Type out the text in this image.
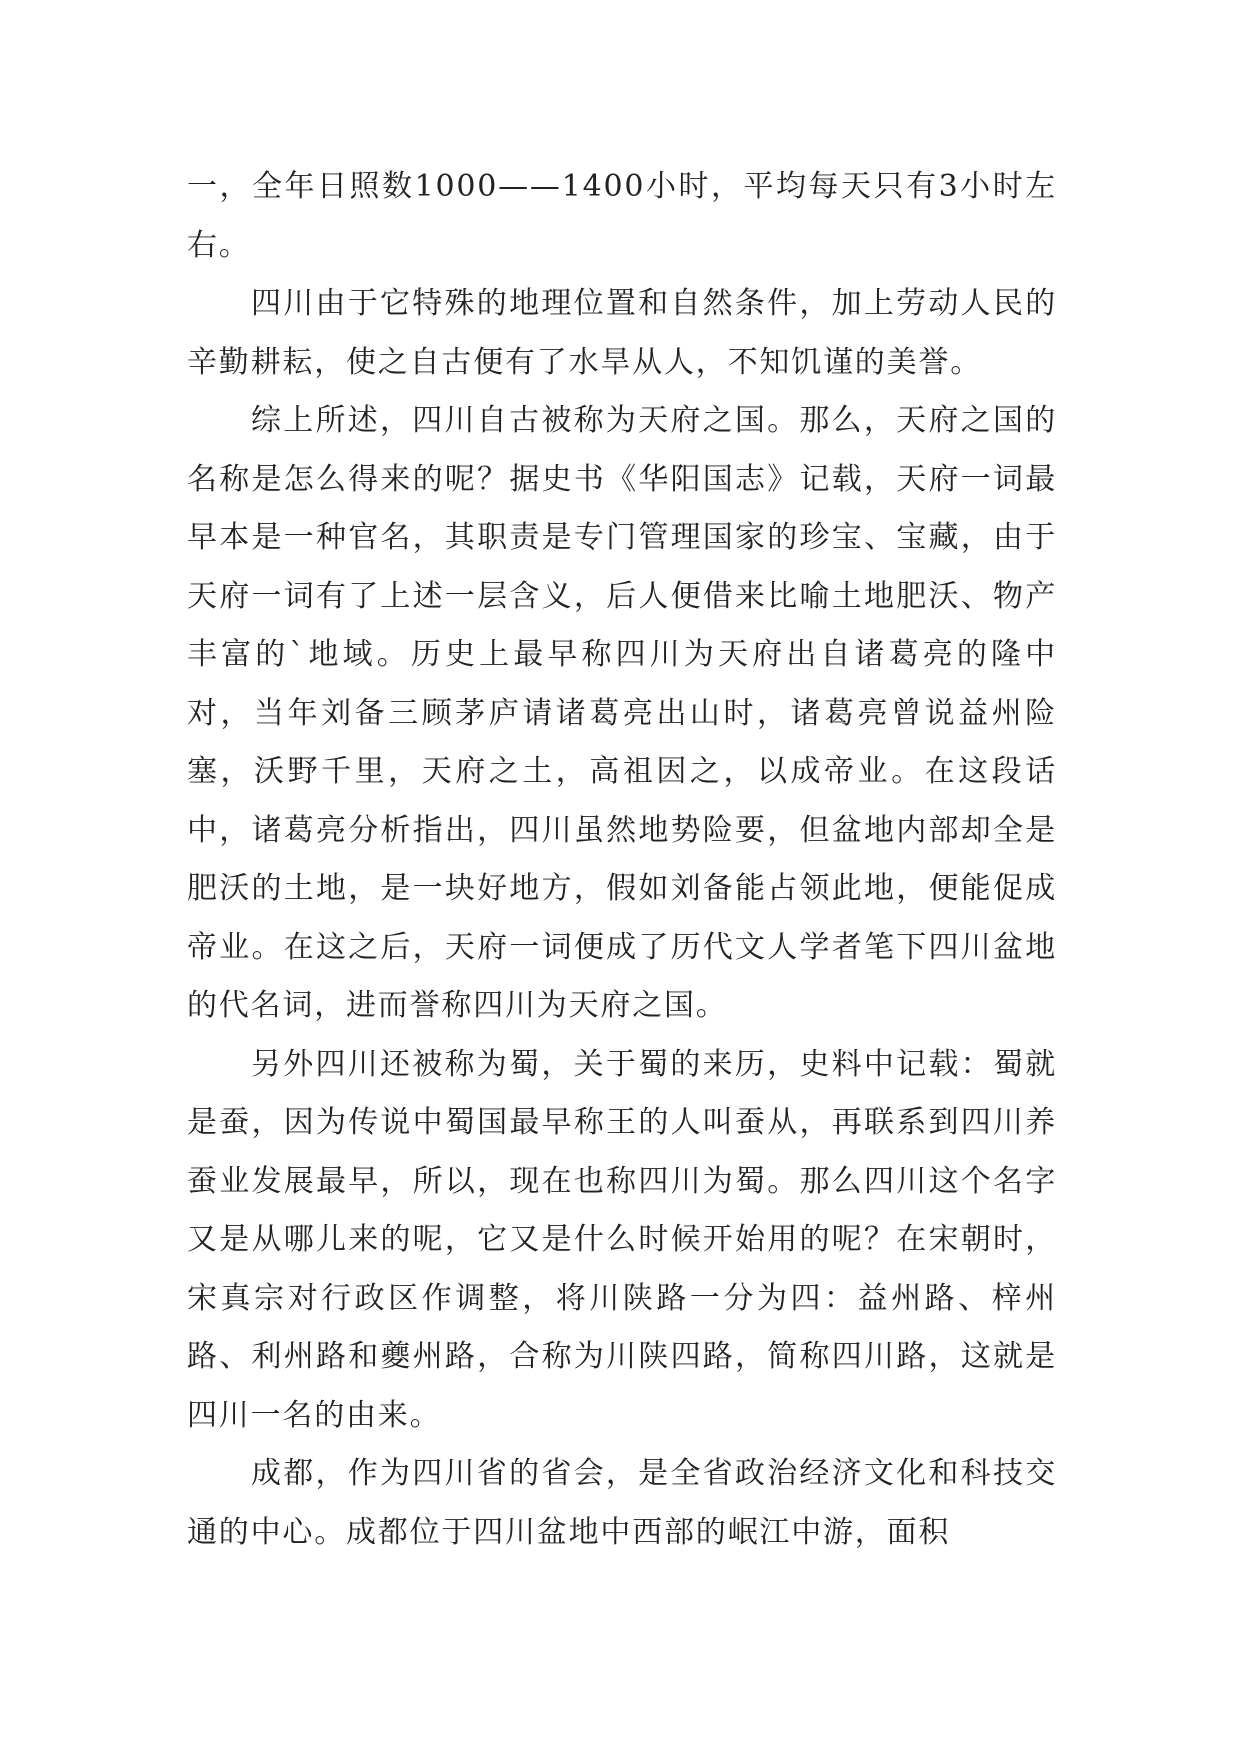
一，全年日照数1000——1400小时，平均每天只有3小时左右。

四川由于它特殊的地理位置和自然条件，加上劳动人民的辛勤耕耘，使之自古便有了水旱从人，不知饥谨的美誉。

综上所述，四川自古被称为天府之国。那么，天府之国的名称是怎么得来的呢？据史书《华阳国志》记载，天府一词最早本是一种官名，其职责是专门管理国家的珍宝、宝藏，由于天府一词有了上述一层含义，后人便借来比喻土地肥沃、物产丰富的`地域。历史上最早称四川为天府出自诸葛亮的隆中对，当年刘备三顾茅庐请诸葛亮出山时，诸葛亮曾说益州险塞，沃野千里，天府之土，高祖因之，以成帝业。在这段话中，诸葛亮分析指出，四川虽然地势险要，但盆地内部却全是肥沃的土地，是一块好地方，假如刘备能占领此地，便能促成帝业。在这之后，天府一词便成了历代文人学者笔下四川盆地的代名词，进而誉称四川为天府之国。

另外四川还被称为蜀，关于蜀的来历，史料中记载：蜀就是蚕，因为传说中蜀国最早称王的人叫蚕从，再联系到四川养蚕业发展最早，所以，现在也称四川为蜀。那么四川这个名字又是从哪儿来的呢，它又是什么时候开始用的呢？在宋朝时，宋真宗对行政区作调整，将川陕路一分为四：益州路、梓州路、利州路和夔州路，合称为川陕四路，简称四川路，这就是四川一名的由来。

成都，作为四川省的省会，是全省政治经济文化和科技交通的中心。成都位于四川盆地中西部的岷江中游，面积
